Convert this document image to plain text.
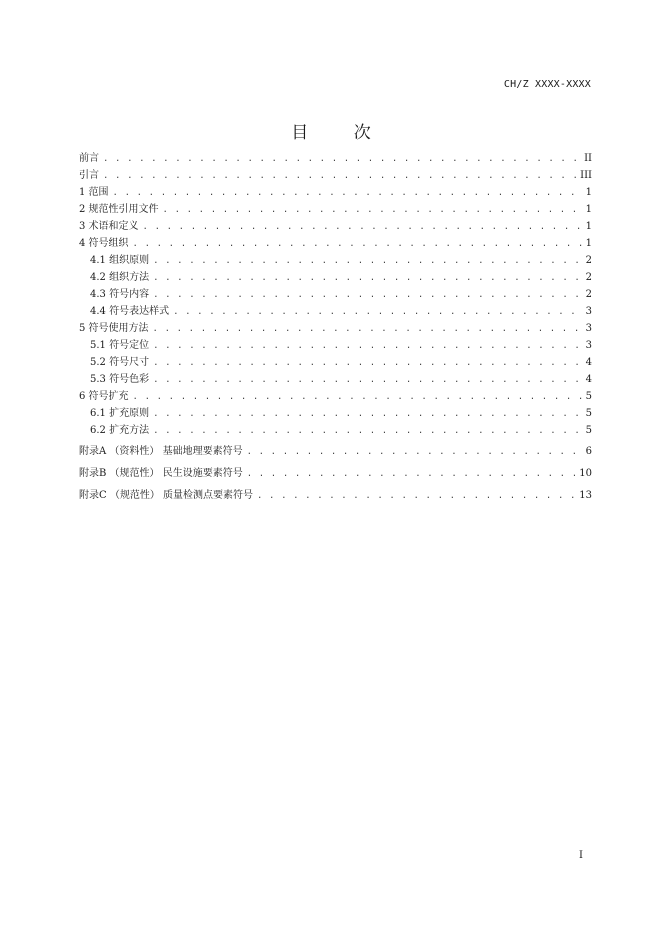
CH/Z XXXX-XXXX
目 次
前言 . . .	II
引言 . . .	III
1 范围 . . .	1
2 规范性引用文件 . . .	1
3 术语和定义 . . .	1
4 符号组织 . . .	1
4.1 组织原则 . . .	2
4.2 组织方法 . . .	2
4.3 符号内容 . . .	2
4.4 符号表达样式 . . .	3
5 符号使用方法 . . .	3
5.1 符号定位 . . .	3
5.2 符号尺寸 . . .	4
5.3 符号色彩 . . .	4
6 符号扩充 . . .	5
6.1 扩充原则 . . .	5
6.2 扩充方法 . . .	5
附录A （资料性） 基础地理要素符号 . . .	6
附录B （规范性） 民生设施要素符号 . . .	10
附录C （规范性） 质量检测点要素符号 . . .	13
I
